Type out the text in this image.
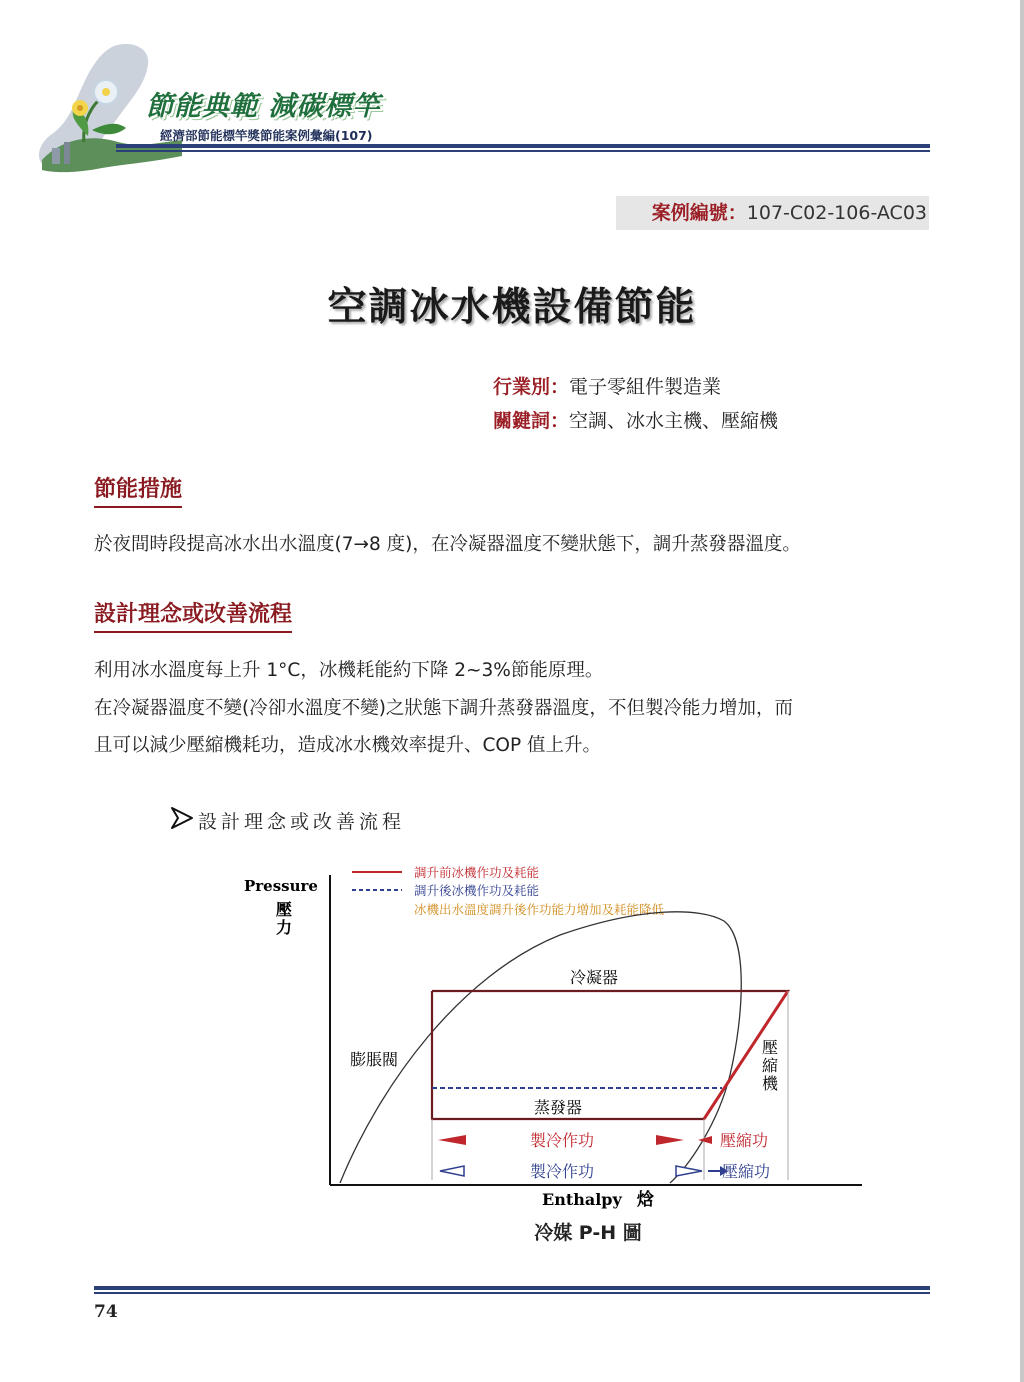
節能典範 減碳標竿
經濟部節能標竿獎節能案例彙編(107)
案例編號：107-C02-106-AC03
空調冰水機設備節能
行業別：電子零組件製造業
關鍵詞：空調、冰水主機、壓縮機
節能措施
於夜間時段提高冰水出水溫度(7→8 度)，在冷凝器溫度不變狀態下，調升蒸發器溫度。
設計理念或改善流程
利用冰水溫度每上升 1°C，冰機耗能約下降 2~3%節能原理。
在冷凝器溫度不變(冷卻水溫度不變)之狀態下調升蒸發器溫度，不但製冷能力增加，而
且可以減少壓縮機耗功，造成冰水機效率提升、COP 值上升。
設計理念或改善流程
調升前冰機作功及耗能
調升後冰機作功及耗能
冰機出水溫度調升後作功能力增加及耗能降低
Pressure
壓
力
Enthalpy 焓
冷凝器
膨脹閥
蒸發器
壓
縮
機
製冷作功	壓縮功
製冷作功	壓縮功
冷媒 P-H 圖
74
